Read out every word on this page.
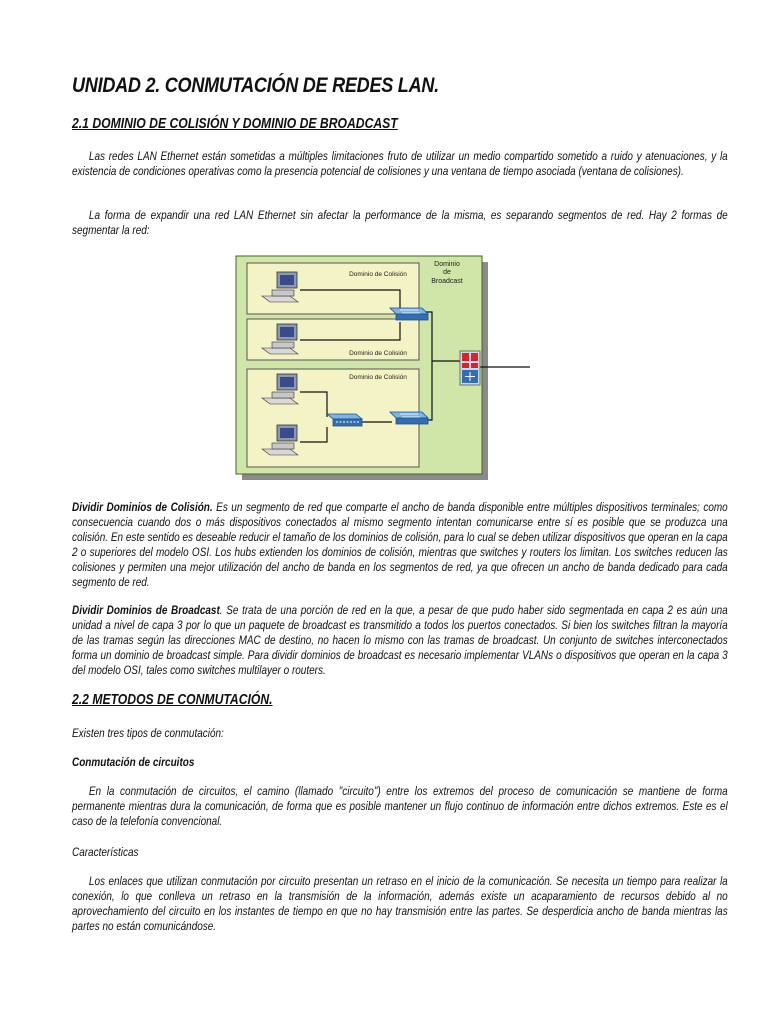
UNIDAD 2. CONMUTACIÓN DE REDES LAN.
2.1 DOMINIO DE COLISIÓN Y DOMINIO DE BROADCAST

Las redes LAN Ethernet están sometidas a múltiples limitaciones fruto de utilizar un medio compartido sometido a ruido y atenuaciones, y la existencia de condiciones operativas como la presencia potencial de colisiones y una ventana de tiempo asociada (ventana de colisiones).

La forma de expandir una red LAN Ethernet sin afectar la performance de la misma, es separando segmentos de red. Hay 2 formas de segmentar la red:

Dominio
de
Broadcast
Dominio de Colisión
Dominio de Colisión
Dominio de Colisión

Dividir Dominios de Colisión. Es un segmento de red que comparte el ancho de banda disponible entre múltiples dispositivos terminales; como consecuencia cuando dos o más dispositivos conectados al mismo segmento intentan comunicarse entre sí es posible que se produzca una colisión. En este sentido es deseable reducir el tamaño de los dominios de colisión, para lo cual se deben utilizar dispositivos que operan en la capa 2 o superiores del modelo OSI. Los hubs extienden los dominios de colisión, mientras que switches y routers los limitan. Los switches reducen las colisiones y permiten una mejor utilización del ancho de banda en los segmentos de red, ya que ofrecen un ancho de banda dedicado para cada segmento de red.

Dividir Dominios de Broadcast. Se trata de una porción de red en la que, a pesar de que pudo haber sido segmentada en capa 2 es aún una unidad a nivel de capa 3 por lo que un paquete de broadcast es transmitido a todos los puertos conectados. Si bien los switches filtran la mayoría de las tramas según las direcciones MAC de destino, no hacen lo mismo con las tramas de broadcast. Un conjunto de switches interconectados forma un dominio de broadcast simple. Para dividir dominios de broadcast es necesario implementar VLANs o dispositivos que operan en la capa 3 del modelo OSI, tales como switches multilayer o routers.

2.2 METODOS DE CONMUTACIÓN.

Existen tres tipos de conmutación:

Conmutación de circuitos

En la conmutación de circuitos, el camino (llamado "circuito") entre los extremos del proceso de comunicación se mantiene de forma permanente mientras dura la comunicación, de forma que es posible mantener un flujo continuo de información entre dichos extremos. Este es el caso de la telefonía convencional.

Características

Los enlaces que utilizan conmutación por circuito presentan un retraso en el inicio de la comunicación. Se necesita un tiempo para realizar la conexión, lo que conlleva un retraso en la transmisión de la información, además existe un acaparamiento de recursos debido al no aprovechamiento del circuito en los instantes de tiempo en que no hay transmisión entre las partes. Se desperdicia ancho de banda mientras las partes no están comunicándose.
